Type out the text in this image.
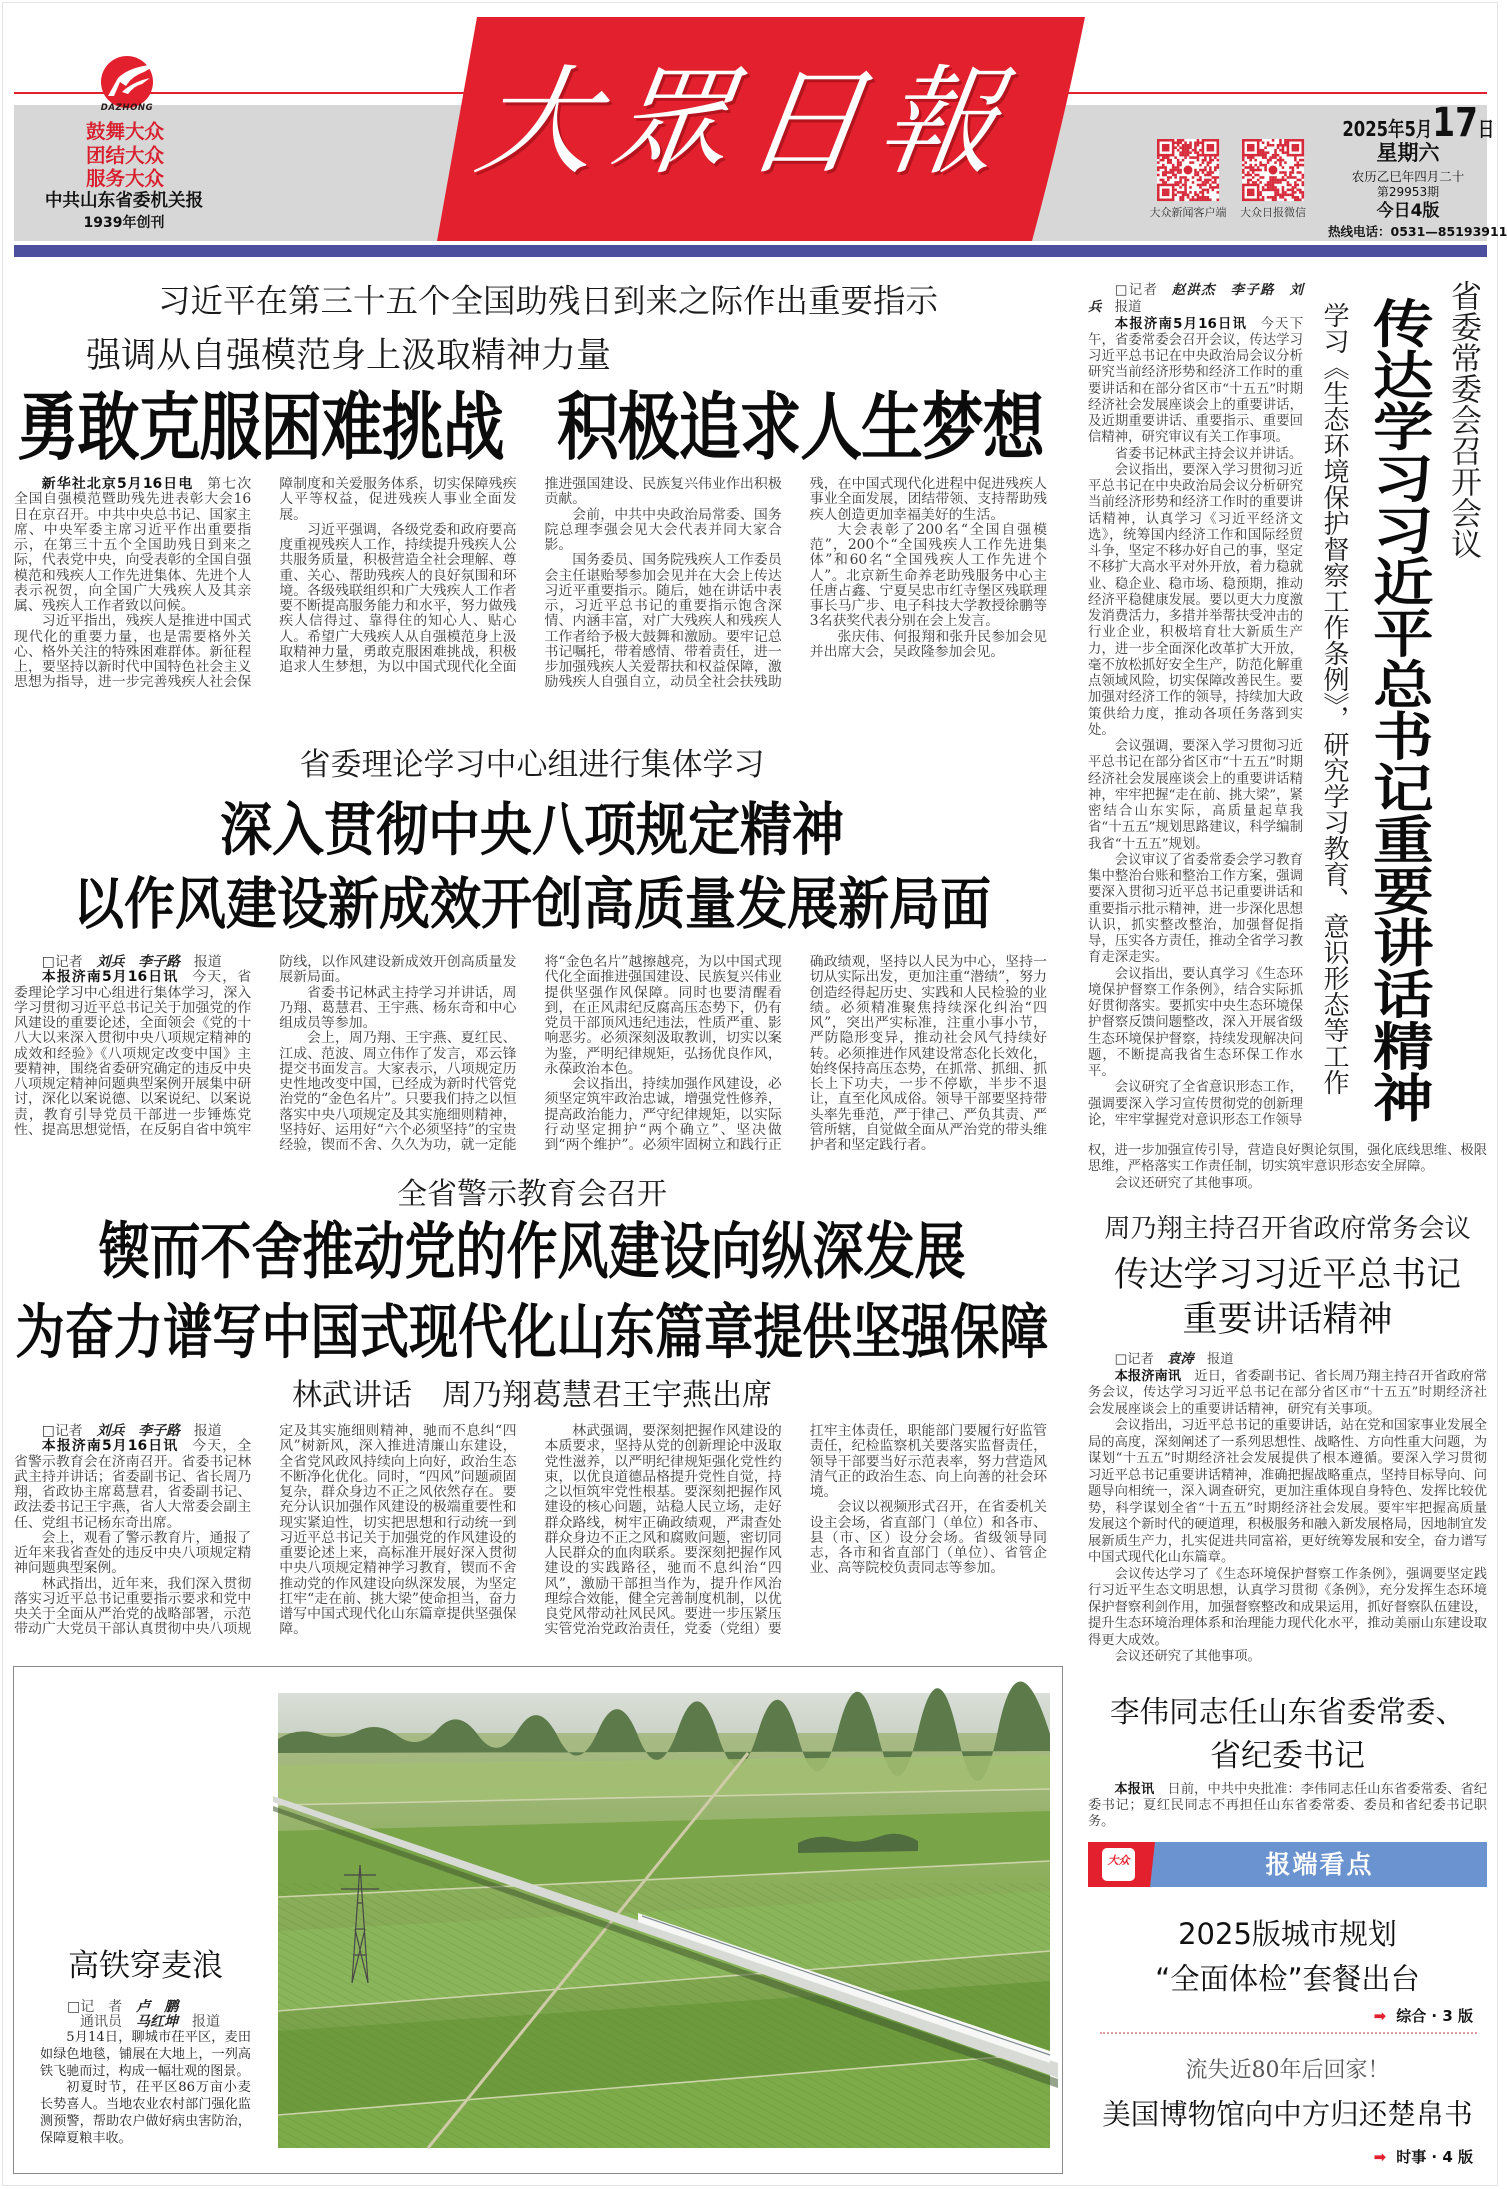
DAZHONG
鼓舞大众
团结大众
服务大众
中共山东省委机关报
1939年创刊
大眾日報
大众新闻客户端	大众日报微信
2025年5月17日
星期六
农历乙巳年四月二十
第29953期
今日4版
热线电话：0531—85193911
习近平在第三十五个全国助残日到来之际作出重要指示
强调从自强模范身上汲取精神力量
勇敢克服困难挑战 积极追求人生梦想

新华社北京5月16日电 第七次全国自强模范暨助残先进表彰大会16日在京召开。中共中央总书记、国家主席、中央军委主席习近平作出重要指示，在第三十五个全国助残日到来之际，代表党中央，向受表彰的全国自强模范和残疾人工作先进集体、先进个人表示祝贺，向全国广大残疾人及其亲属、残疾人工作者致以问候。

习近平指出，残疾人是推进中国式现代化的重要力量，也是需要格外关心、格外关注的特殊困难群体。新征程上，要坚持以新时代中国特色社会主义思想为指导，进一步完善残疾人社会保障制度和关爱服务体系，切实保障残疾人平等权益，促进残疾人事业全面发展。

习近平强调，各级党委和政府要高度重视残疾人工作，持续提升残疾人公共服务质量，积极营造全社会理解、尊重、关心、帮助残疾人的良好氛围和环境。各级残联组织和广大残疾人工作者要不断提高服务能力和水平，努力做残疾人信得过、靠得住的知心人、贴心人。希望广大残疾人从自强模范身上汲取精神力量，勇敢克服困难挑战，积极追求人生梦想，为以中国式现代化全面推进强国建设、民族复兴伟业作出积极贡献。

会前，中共中央政治局常委、国务院总理李强会见大会代表并同大家合影。

国务委员、国务院残疾人工作委员会主任谌贻琴参加会见并在大会上传达习近平重要指示。随后，她在讲话中表示，习近平总书记的重要指示饱含深情、内涵丰富，对广大残疾人和残疾人工作者给予极大鼓舞和激励。要牢记总书记嘱托，带着感情、带着责任，进一步加强残疾人关爱帮扶和权益保障，激励残疾人自强自立，动员全社会扶残助残，在中国式现代化进程中促进残疾人事业全面发展，团结带领、支持帮助残疾人创造更加幸福美好的生活。

大会表彰了200名“全国自强模范”，200个“全国残疾人工作先进集体”和60名“全国残疾人工作先进个人”。北京新生命养老助残服务中心主任唐占鑫、宁夏吴忠市红寺堡区残联理事长马广步、电子科技大学教授徐鹏等3名获奖代表分别在会上发言。

张庆伟、何报翔和张升民参加会见并出席大会，吴政隆参加会见。

省委理论学习中心组进行集体学习
深入贯彻中央八项规定精神
以作风建设新成效开创高质量发展新局面

□记者 刘兵　李子路 报道

本报济南5月16日讯 今天，省委理论学习中心组进行集体学习，深入学习贯彻习近平总书记关于加强党的作风建设的重要论述，全面领会《党的十八大以来深入贯彻中央八项规定精神的成效和经验》《八项规定改变中国》主要精神，围绕省委研究确定的违反中央八项规定精神问题典型案例开展集中研讨，深化以案说德、以案说纪、以案说责，教育引导党员干部进一步锤炼党性、提高思想觉悟，在反躬自省中筑牢防线，以作风建设新成效开创高质量发展新局面。

省委书记林武主持学习并讲话，周乃翔、葛慧君、王宇燕、杨东奇和中心组成员等参加。

会上，周乃翔、王宇燕、夏红民、江成、范波、周立伟作了发言，邓云锋提交书面发言。大家表示，八项规定历史性地改变中国，已经成为新时代管党治党的“金色名片”。只要我们持之以恒落实中央八项规定及其实施细则精神，坚持好、运用好“六个必须坚持”的宝贵经验，锲而不舍、久久为功，就一定能将“金色名片”越擦越亮，为以中国式现代化全面推进强国建设、民族复兴伟业提供坚强作风保障。同时也要清醒看到，在正风肃纪反腐高压态势下，仍有党员干部顶风违纪违法，性质严重、影响恶劣。必须深刻汲取教训，切实以案为鉴，严明纪律规矩，弘扬优良作风，永葆政治本色。

会议指出，持续加强作风建设，必须坚定筑牢政治忠诚，增强党性修养，提高政治能力，严守纪律规矩，以实际行动坚定拥护“两个确立”、坚决做到“两个维护”。必须牢固树立和践行正确政绩观，坚持以人民为中心，坚持一切从实际出发，更加注重“潜绩”，努力创造经得起历史、实践和人民检验的业绩。必须精准聚焦持续深化纠治“四风”，突出严实标准，注重小事小节，严防隐形变异，推动社会风气持续好转。必须推进作风建设常态化长效化，始终保持高压态势，在抓常、抓细、抓长上下功夫，一步不停歇，半步不退让，直至化风成俗。领导干部要坚持带头率先垂范，严于律己、严负其责、严管所辖，自觉做全面从严治党的带头维护者和坚定践行者。

全省警示教育会召开
锲而不舍推动党的作风建设向纵深发展
为奋力谱写中国式现代化山东篇章提供坚强保障
林武讲话　周乃翔葛慧君王宇燕出席

□记者 刘兵　李子路 报道

本报济南5月16日讯 今天，全省警示教育会在济南召开。省委书记林武主持并讲话；省委副书记、省长周乃翔，省政协主席葛慧君，省委副书记、政法委书记王宇燕，省人大常委会副主任、党组书记杨东奇出席。

会上，观看了警示教育片，通报了近年来我省查处的违反中央八项规定精神问题典型案例。

林武指出，近年来，我们深入贯彻落实习近平总书记重要指示要求和党中央关于全面从严治党的战略部署，示范带动广大党员干部认真贯彻中央八项规定及其实施细则精神，驰而不息纠“四风”树新风，深入推进清廉山东建设，全省党风政风持续向上向好，政治生态不断净化优化。同时，“四风”问题顽固复杂，群众身边不正之风依然存在。要充分认识加强作风建设的极端重要性和现实紧迫性，切实把思想和行动统一到习近平总书记关于加强党的作风建设的重要论述上来，高标准开展好深入贯彻中央八项规定精神学习教育，锲而不舍推动党的作风建设向纵深发展，为坚定扛牢“走在前、挑大梁”使命担当，奋力谱写中国式现代化山东篇章提供坚强保障。

林武强调，要深刻把握作风建设的本质要求，坚持从党的创新理论中汲取党性滋养，以严明纪律规矩强化党性约束，以优良道德品格提升党性自觉，持之以恒筑牢党性根基。要深刻把握作风建设的核心问题，站稳人民立场，走好群众路线，树牢正确政绩观，严肃查处群众身边不正之风和腐败问题，密切同人民群众的血肉联系。要深刻把握作风建设的实践路径，驰而不息纠治“四风”，激励干部担当作为，提升作风治理综合效能，健全完善制度机制，以优良党风带动社风民风。要进一步压紧压实管党治党政治责任，党委（党组）要扛牢主体责任，职能部门要履行好监管责任，纪检监察机关要落实监督责任，领导干部要当好示范表率，努力营造风清气正的政治生态、向上向善的社会环境。

会议以视频形式召开，在省委机关设主会场，省直部门（单位）和各市、县（市、区）设分会场。省级领导同志，各市和省直部门（单位）、省管企业、高等院校负责同志等参加。

高铁穿麦浪
□记　者 卢　鹏
通讯员 马红坤 报道

5月14日，聊城市茌平区，麦田如绿色地毯，铺展在大地上，一列高铁飞驰而过，构成一幅壮观的图景。

初夏时节，茌平区86万亩小麦长势喜人。当地农业农村部门强化监测预警，帮助农户做好病虫害防治，保障夏粮丰收。

省委常委会召开会议
传达学习习近平总书记重要讲话精神
学习《生态环境保护督察工作条例》，研究学习教育、意识形态等工作

□记者 赵洪杰　李子路　刘兵 报道

本报济南5月16日讯 今天下午，省委常委会召开会议，传达学习习近平总书记在中央政治局会议分析研究当前经济形势和经济工作时的重要讲话和在部分省区市“十五五”时期经济社会发展座谈会上的重要讲话，及近期重要讲话、重要指示、重要回信精神，研究审议有关工作事项。

省委书记林武主持会议并讲话。

会议指出，要深入学习贯彻习近平总书记在中央政治局会议分析研究当前经济形势和经济工作时的重要讲话精神，认真学习《习近平经济文选》，统筹国内经济工作和国际经贸斗争，坚定不移办好自己的事，坚定不移扩大高水平对外开放，着力稳就业、稳企业、稳市场、稳预期，推动经济平稳健康发展。要以更大力度激发消费活力，多措并举帮扶受冲击的行业企业，积极培育壮大新质生产力，进一步全面深化改革扩大开放，毫不放松抓好安全生产，防范化解重点领域风险，切实保障改善民生。要加强对经济工作的领导，持续加大政策供给力度，推动各项任务落到实处。

会议强调，要深入学习贯彻习近平总书记在部分省区市“十五五”时期经济社会发展座谈会上的重要讲话精神，牢牢把握“走在前、挑大梁”，紧密结合山东实际，高质量起草我省“十五五”规划思路建议，科学编制我省“十五五”规划。

会议审议了省委常委会学习教育集中整治台账和整治工作方案，强调要深入贯彻习近平总书记重要讲话和重要指示批示精神，进一步深化思想认识，抓实整改整治，加强督促指导，压实各方责任，推动全省学习教育走深走实。

会议指出，要认真学习《生态环境保护督察工作条例》，结合实际抓好贯彻落实。要抓实中央生态环境保护督察反馈问题整改，深入开展省级生态环境保护督察，持续发现解决问题，不断提高我省生态环保工作水平。

会议研究了全省意识形态工作，强调要深入学习宣传贯彻党的创新理论，牢牢掌握党对意识形态工作领导

权，进一步加强宣传引导，营造良好舆论氛围，强化底线思维、极限思维，严格落实工作责任制，切实筑牢意识形态安全屏障。

会议还研究了其他事项。

周乃翔主持召开省政府常务会议
传达学习习近平总书记
重要讲话精神

□记者 袁涛 报道

本报济南讯 近日，省委副书记、省长周乃翔主持召开省政府常务会议，传达学习习近平总书记在部分省区市“十五五”时期经济社会发展座谈会上的重要讲话精神，研究有关事项。

会议指出，习近平总书记的重要讲话，站在党和国家事业发展全局的高度，深刻阐述了一系列思想性、战略性、方向性重大问题，为谋划“十五五”时期经济社会发展提供了根本遵循。要深入学习贯彻习近平总书记重要讲话精神，准确把握战略重点，坚持目标导向、问题导向相统一，深入调查研究，更加注重体现自身特色、发挥比较优势，科学谋划全省“十五五”时期经济社会发展。要牢牢把握高质量发展这个新时代的硬道理，积极服务和融入新发展格局，因地制宜发展新质生产力，扎实促进共同富裕，更好统筹发展和安全，奋力谱写中国式现代化山东篇章。

会议传达学习了《生态环境保护督察工作条例》，强调要坚定践行习近平生态文明思想，认真学习贯彻《条例》，充分发挥生态环境保护督察利剑作用，加强督察整改和成果运用，抓好督察队伍建设，提升生态环境治理体系和治理能力现代化水平，推动美丽山东建设取得更大成效。

会议还研究了其他事项。

李伟同志任山东省委常委、
省纪委书记

本报讯 日前，中共中央批准：李伟同志任山东省委常委、省纪委书记；夏红民同志不再担任山东省委常委、委员和省纪委书记职务。

大众	报端看点
2025版城市规划
“全面体检”套餐出台
➡ 综合 · 3 版
流失近80年后回家！
美国博物馆向中方归还楚帛书
➡ 时事 · 4 版
